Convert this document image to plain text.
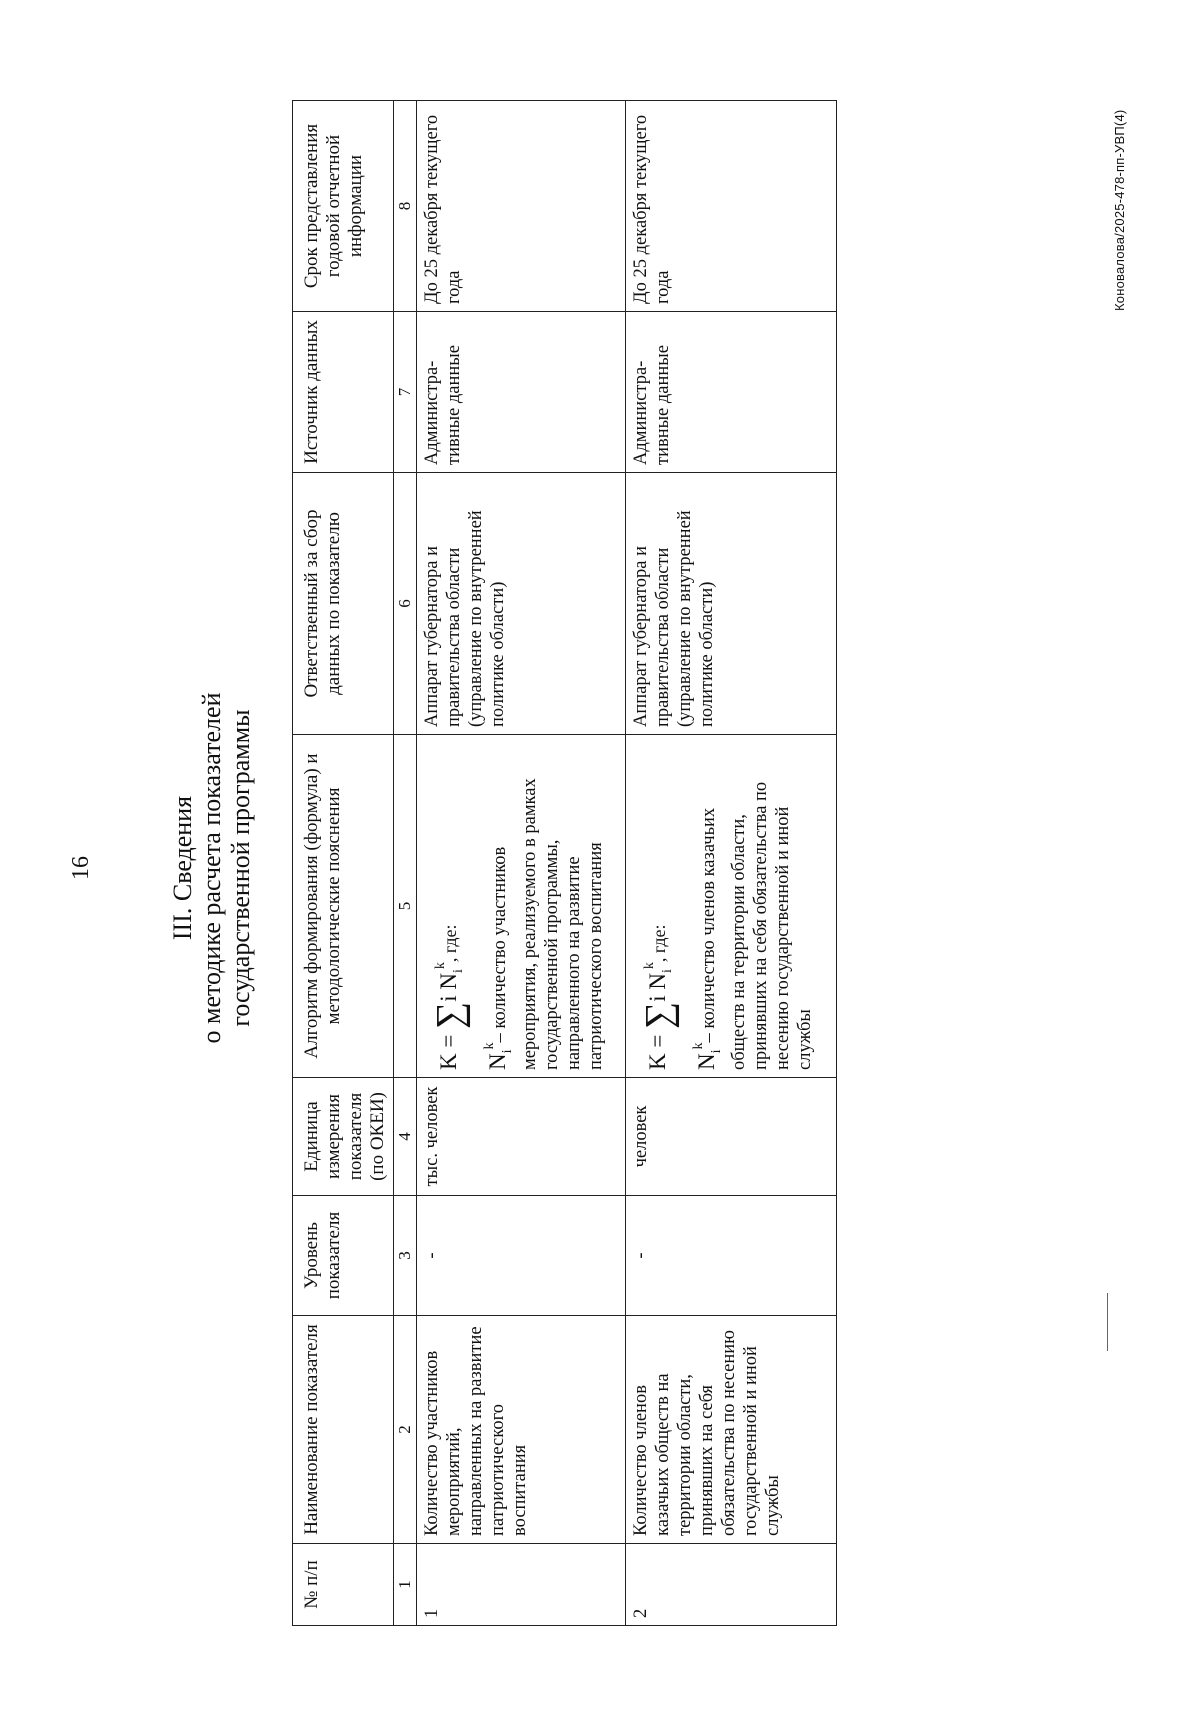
16	III. Сведения о методике расчета показателей государственной программы
№ п/п	Наименование показателя	Уровень показателя	Единица измерения показателя (по ОКЕИ)	Алгоритм формирования (формула) и методологические пояснения	Ответственный за сбор данных по показателю	Источник данных	Срок представления годовой отчетной информации
1	2	3	4	5	6	7	8
1	Количество участников мероприятий, направленных на развитие патриотического воспитания	-	тыс. человек	K = ∑i $N_i^k$, где:
$N_i^k-$ количество участников мероприятия, реализуемого в рамках государственной программы, направленного на развитие патриотического воспитания	Аппарат губернатора и правительства области (управление по внутренней политике области)	Администра-тивные данные	До 25 декабря текущего года
2	Количество членов казачьих обществ на территории области, принявших на себя обязательства по несению государственной и иной службы	-	человек	K = ∑i $N_i^k$, где:
$N_i^k-$ количество членов казачьих обществ на территории области, принявших на себя обязательства по несению государственной и иной службы	Аппарат губернатора и правительства области (управление по внутренней политике области)	Администра-тивные данные	До 25 декабря текущего года	Коновалова/2025-478-пп-УВП(4)
